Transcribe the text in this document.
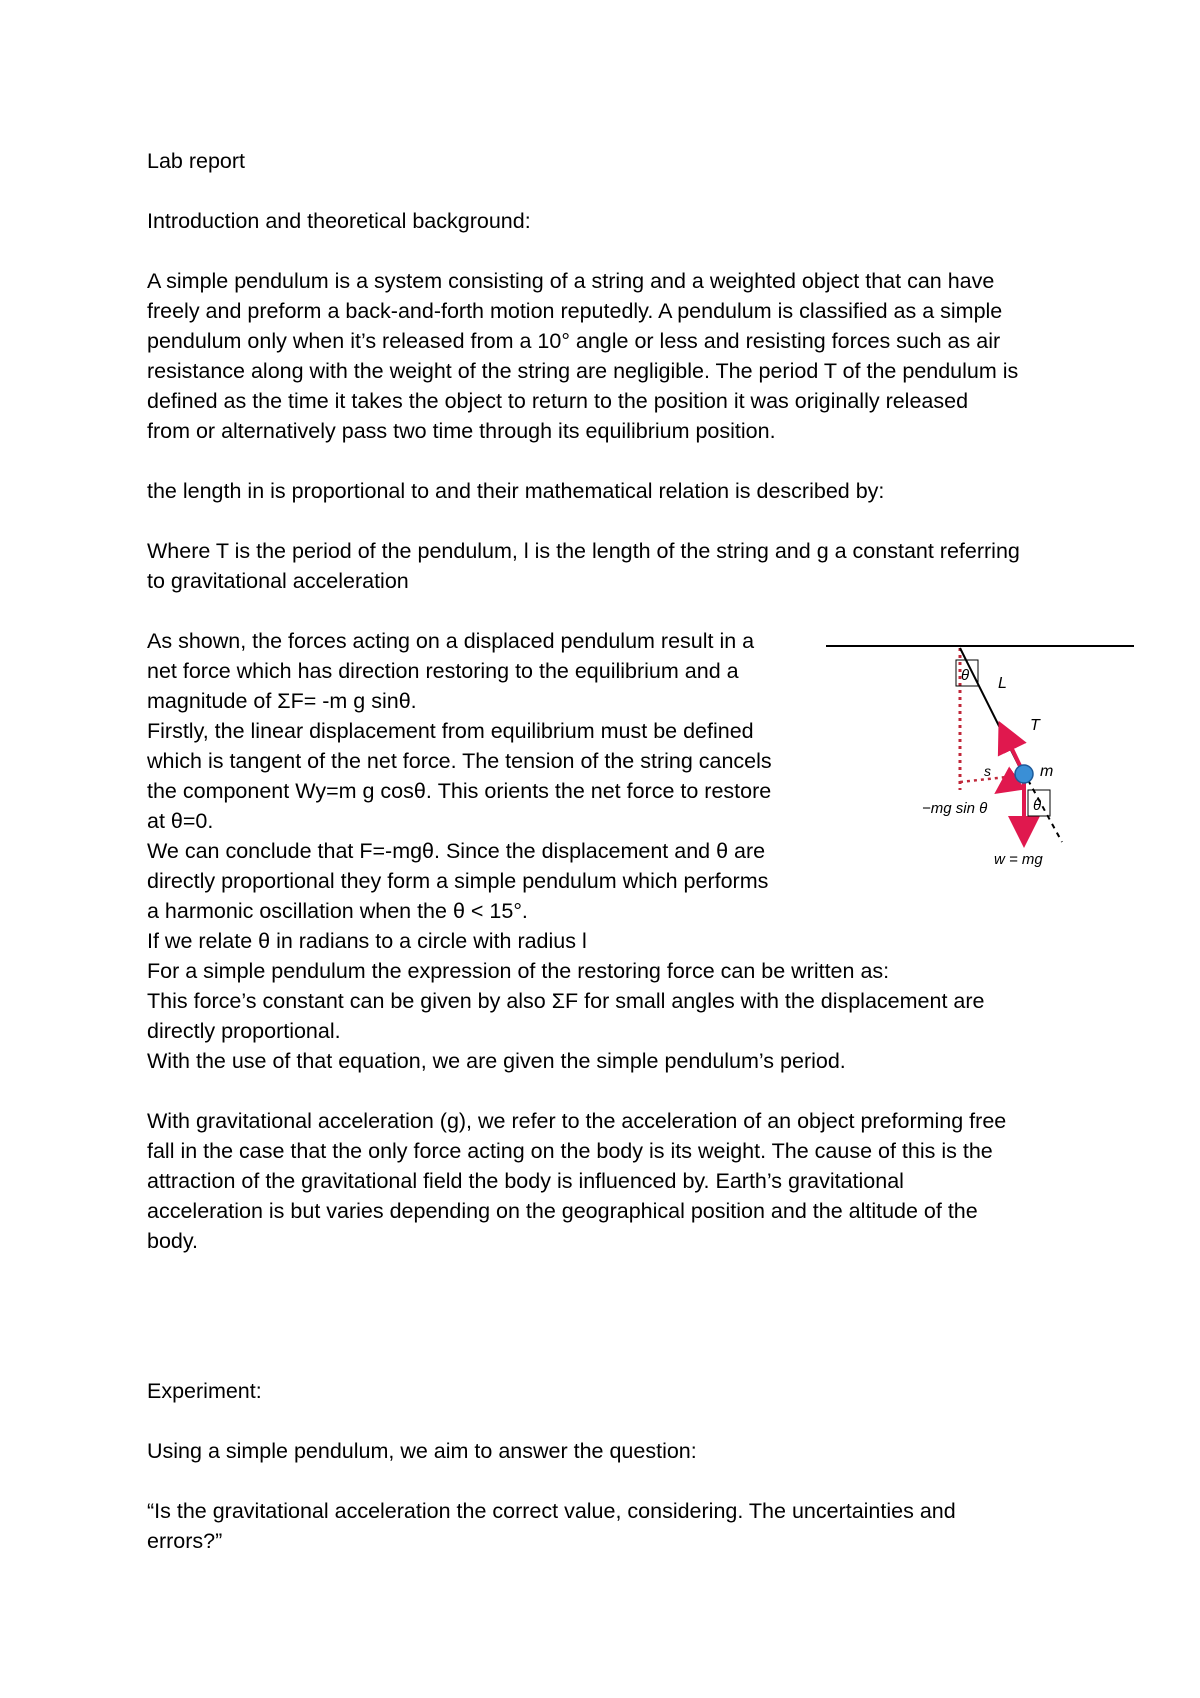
Lab report

Introduction and theoretical background:

A simple pendulum is a system consisting of a string and a weighted object that can have
freely and preform a back-and-forth motion reputedly. A pendulum is classified as a simple
pendulum only when it’s released from a 10° angle or less and resisting forces such as air
resistance along with the weight of the string are negligible. The period T of the pendulum is
defined as the time it takes the object to return to the position it was originally released
from or alternatively pass two time through its equilibrium position.

the length in is proportional to and their mathematical relation is described by:

Where T is the period of the pendulum, l is the length of the string and g a constant referring
to gravitational acceleration

As shown, the forces acting on a displaced pendulum result in a
net force which has direction restoring to the equilibrium and a
magnitude of ΣF= -m g sinθ.
Firstly, the linear displacement from equilibrium must be defined
which is tangent of the net force. The tension of the string cancels
the component Wy=m g cosθ. This orients the net force to restore
at θ=0.
We can conclude that F=-mgθ. Since the displacement and θ are
directly proportional they form a simple pendulum which performs
a harmonic oscillation when the θ < 15°.
If we relate θ in radians to a circle with radius l
For a simple pendulum the expression of the restoring force can be written as:
This force’s constant can be given by also ΣF for small angles with the displacement are
directly proportional.
With the use of that equation, we are given the simple pendulum’s period.

With gravitational acceleration (g), we refer to the acceleration of an object preforming free
fall in the case that the only force acting on the body is its weight. The cause of this is the
attraction of the gravitational field the body is influenced by. Earth’s gravitational
acceleration is but varies depending on the geographical position and the altitude of the
body.

Experiment:

Using a simple pendulum, we aim to answer the question:

“Is the gravitational acceleration the correct value, considering. The uncertainties and
errors?”

θ L
T
m
s
−mg sin θ	θ
w = mg
